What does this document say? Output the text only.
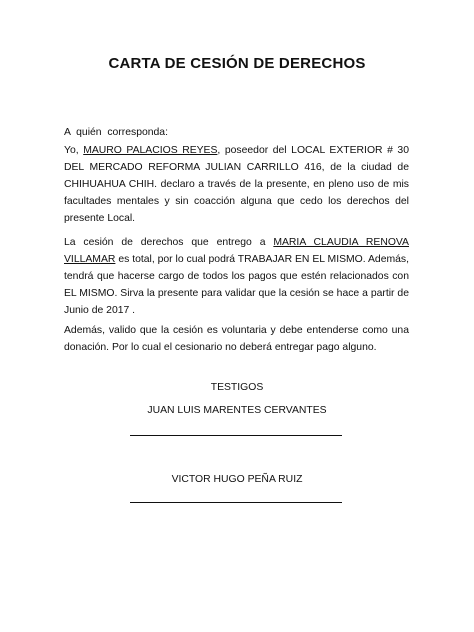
CARTA DE CESIÓN DE DERECHOS
A  quién  corresponda:
Yo, MAURO PALACIOS REYES, poseedor del LOCAL EXTERIOR # 30 DEL MERCADO REFORMA JULIAN CARRILLO 416, de la ciudad de CHIHUAHUA CHIH. declaro a través de la presente, en pleno uso de mis facultades mentales y sin coacción alguna que cedo los derechos del presente Local.
La cesión de derechos que entrego a MARIA CLAUDIA RENOVA VILLAMAR es total, por lo cual podrá TRABAJAR EN EL MISMO. Además, tendrá que hacerse cargo de todos los pagos que estén relacionados con EL MISMO. Sirva la presente para validar que la cesión se hace a partir de Junio de 2017 .
Además, valido que la cesión es voluntaria y debe entenderse como una donación. Por lo cual el cesionario no deberá entregar pago alguno.
TESTIGOS
JUAN LUIS MARENTES CERVANTES
VICTOR HUGO PEÑA RUIZ
